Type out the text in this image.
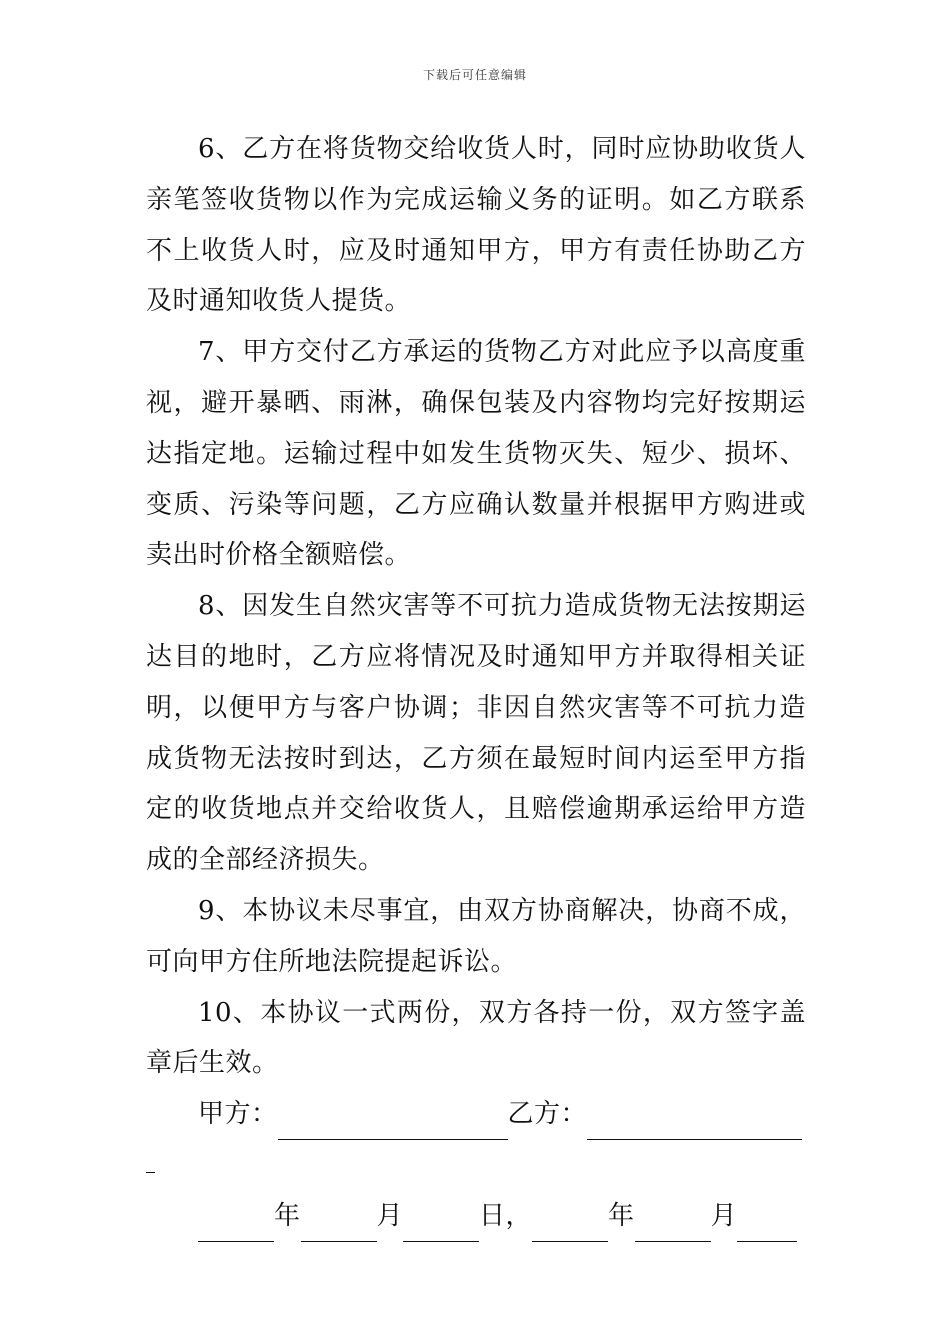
下载后可任意编辑

6、乙方在将货物交给收货人时，同时应协助收货人亲笔签收货物以作为完成运输义务的证明。如乙方联系不上收货人时，应及时通知甲方，甲方有责任协助乙方及时通知收货人提货。

7、甲方交付乙方承运的货物乙方对此应予以高度重视，避开暴晒、雨淋，确保包装及内容物均完好按期运达指定地。运输过程中如发生货物灭失、短少、损坏、变质、污染等问题，乙方应确认数量并根据甲方购进或卖出时价格全额赔偿。

8、因发生自然灾害等不可抗力造成货物无法按期运达目的地时，乙方应将情况及时通知甲方并取得相关证明，以便甲方与客户协调；非因自然灾害等不可抗力造成货物无法按时到达，乙方须在最短时间内运至甲方指定的收货地点并交给收货人，且赔偿逾期承运给甲方造成的全部经济损失。

9、本协议未尽事宜，由双方协商解决，协商不成，可向甲方住所地法院提起诉讼。

10、本协议一式两份，双方各持一份，双方签字盖章后生效。

甲方：	乙方：

年	月	日，	年	月
